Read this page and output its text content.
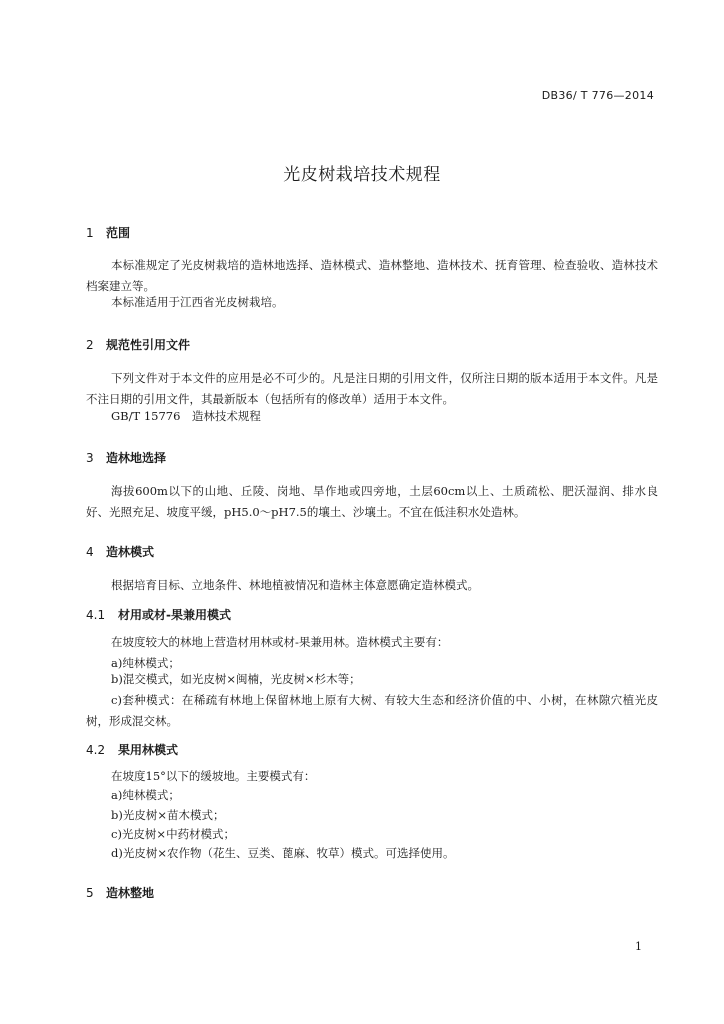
DB36/ T 776—2014
光皮树栽培技术规程
1 范围
本标准规定了光皮树栽培的造林地选择、造林模式、造林整地、造林技术、抚育管理、检查验收、造林技术档案建立等。
本标准适用于江西省光皮树栽培。
2 规范性引用文件
下列文件对于本文件的应用是必不可少的。凡是注日期的引用文件，仅所注日期的版本适用于本文件。凡是不注日期的引用文件，其最新版本（包括所有的修改单）适用于本文件。
GB/T 15776　造林技术规程
3 造林地选择
海拔600m以下的山地、丘陵、岗地、旱作地或四旁地，土层60cm以上、土质疏松、肥沃湿润、排水良好、光照充足、坡度平缓，pH5.0～pH7.5的壤土、沙壤土。不宜在低洼积水处造林。
4 造林模式
根据培育目标、立地条件、林地植被情况和造林主体意愿确定造林模式。
4.1 材用或材-果兼用模式
在坡度较大的林地上营造材用林或材-果兼用林。造林模式主要有：
a)纯林模式；
b)混交模式，如光皮树×闽楠，光皮树×杉木等；
c)套种模式：在稀疏有林地上保留林地上原有大树、有较大生态和经济价值的中、小树，在林隙穴植光皮树，形成混交林。
4.2 果用林模式
在坡度15°以下的缓坡地。主要模式有：
a)纯林模式；
b)光皮树×苗木模式；
c)光皮树×中药材模式；
d)光皮树×农作物（花生、豆类、蓖麻、牧草）模式。可选择使用。
5 造林整地
1
